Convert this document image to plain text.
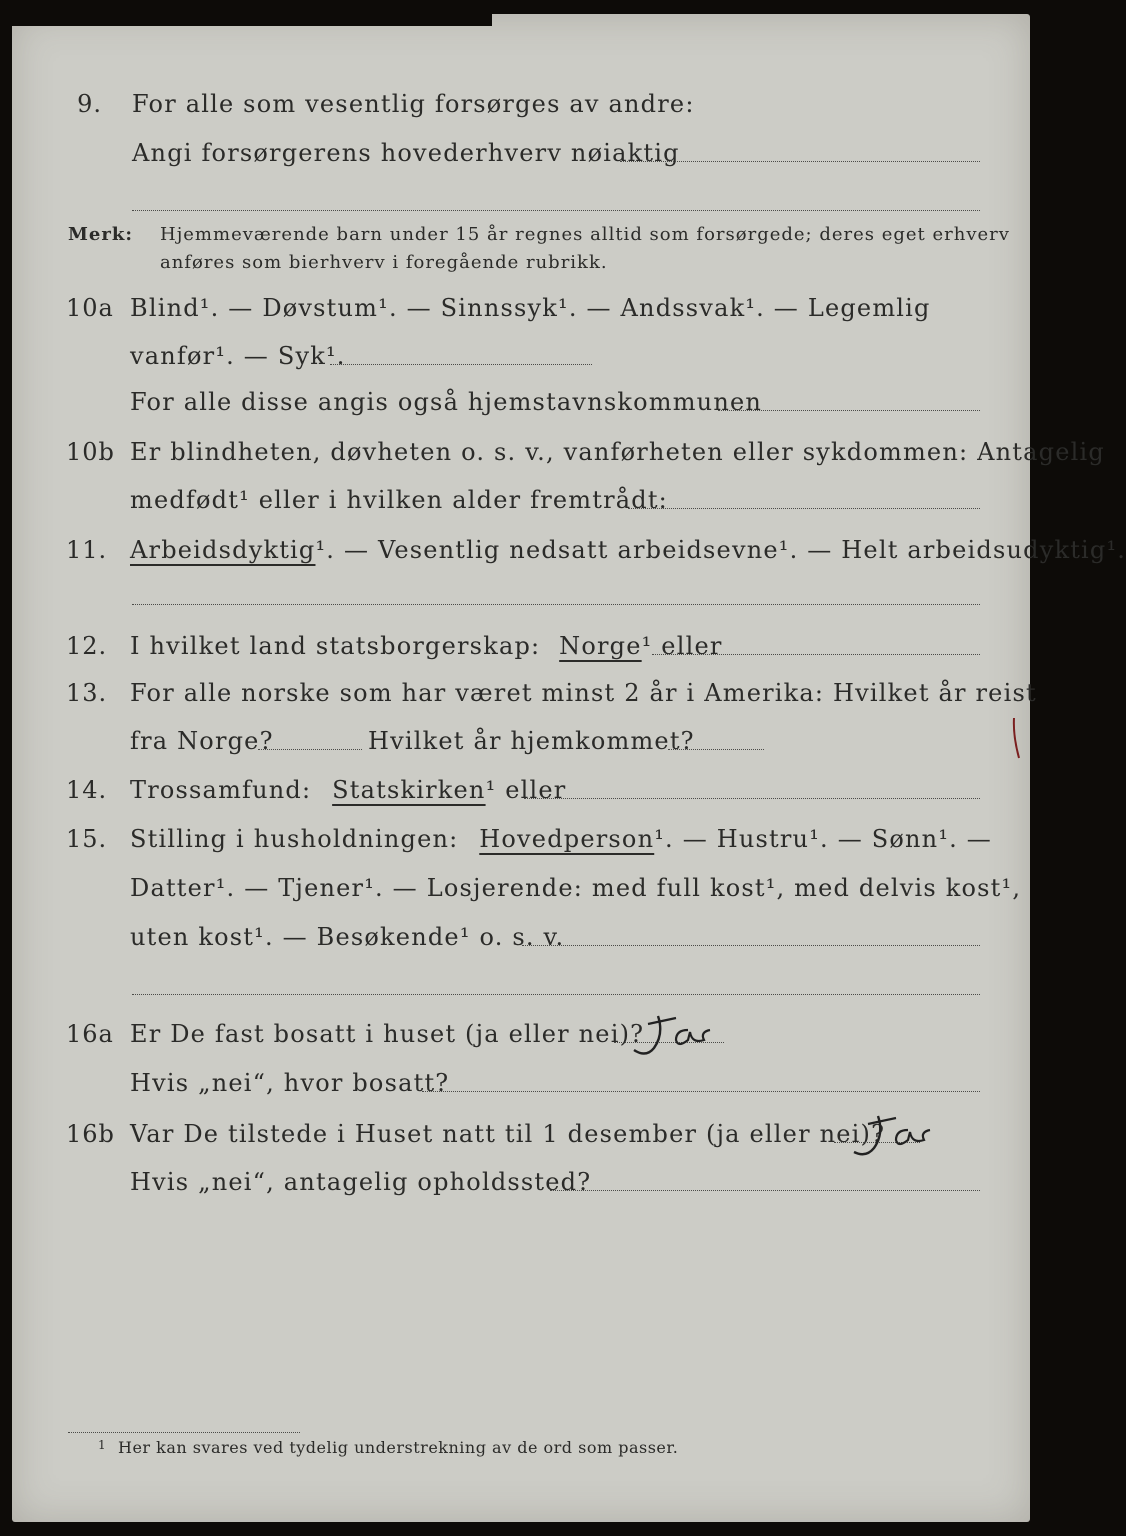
9. For alle som vesentlig forsørges av andre:
Angi forsørgerens hovederhverv nøiaktig
Merk: Hjemmeværende barn under 15 år regnes alltid som forsørgede; deres eget erhverv
anføres som bierhverv i foregående rubrikk.
10a Blind¹. — Døvstum¹. — Sinnssyk¹. — Andssvak¹. — Legemlig
vanfør¹. — Syk¹.
For alle disse angis også hjemstavnskommunen
10b Er blindheten, døvheten o. s. v., vanførheten eller sykdommen: Antagelig
medfødt¹ eller i hvilken alder fremtrådt:
11. Arbeidsdyktig¹. — Vesentlig nedsatt arbeidsevne¹. — Helt arbeidsudyktig¹.
12. I hvilket land statsborgerskap: Norge¹ eller
13. For alle norske som har været minst 2 år i Amerika: Hvilket år reist
fra Norge?	Hvilket år hjemkommet?
14. Trossamfund: Statskirken¹ eller
15. Stilling i husholdningen: Hovedperson¹. — Hustru¹. — Sønn¹. —
Datter¹. — Tjener¹. — Losjerende: med full kost¹, med delvis kost¹,
uten kost¹. — Besøkende¹ o. s. v.
16a Er De fast bosatt i huset (ja eller nei)?
Hvis „nei“, hvor bosatt?
16b Var De tilstede i Huset natt til 1 desember (ja eller nei)?
Hvis „nei“, antagelig opholdssted?
1 Her kan svares ved tydelig understrekning av de ord som passer.
